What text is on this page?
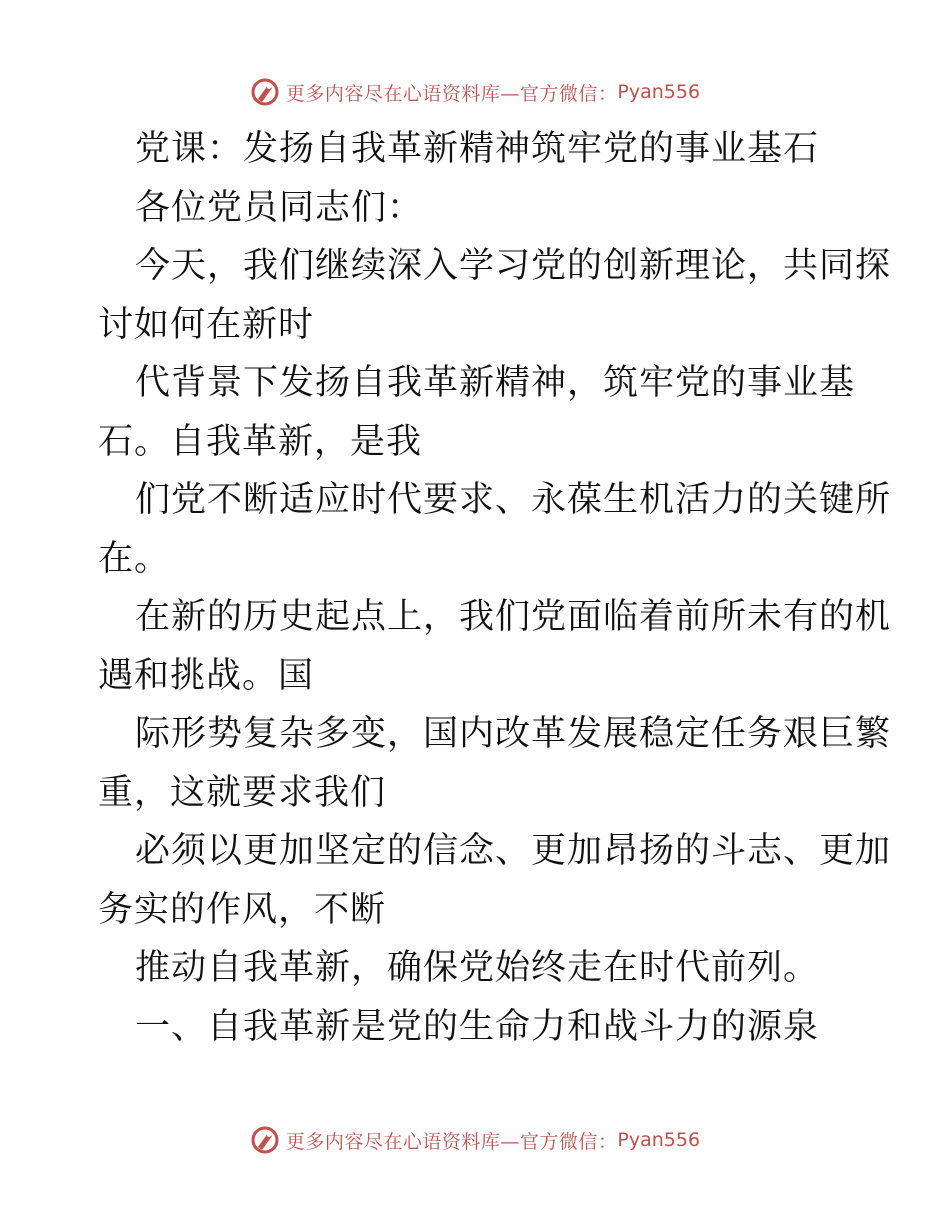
更多内容尽在心语资料库—官方微信： Pyan556
党课：发扬自我革新精神筑牢党的事业基石
各位党员同志们：
今天，我们继续深入学习党的创新理论，共同探
讨如何在新时
代背景下发扬自我革新精神，筑牢党的事业基
石。自我革新，是我
们党不断适应时代要求、永葆生机活力的关键所
在。
在新的历史起点上，我们党面临着前所未有的机
遇和挑战。国
际形势复杂多变，国内改革发展稳定任务艰巨繁
重，这就要求我们
必须以更加坚定的信念、更加昂扬的斗志、更加
务实的作风，不断
推动自我革新，确保党始终走在时代前列。
一、自我革新是党的生命力和战斗力的源泉
更多内容尽在心语资料库—官方微信： Pyan556
